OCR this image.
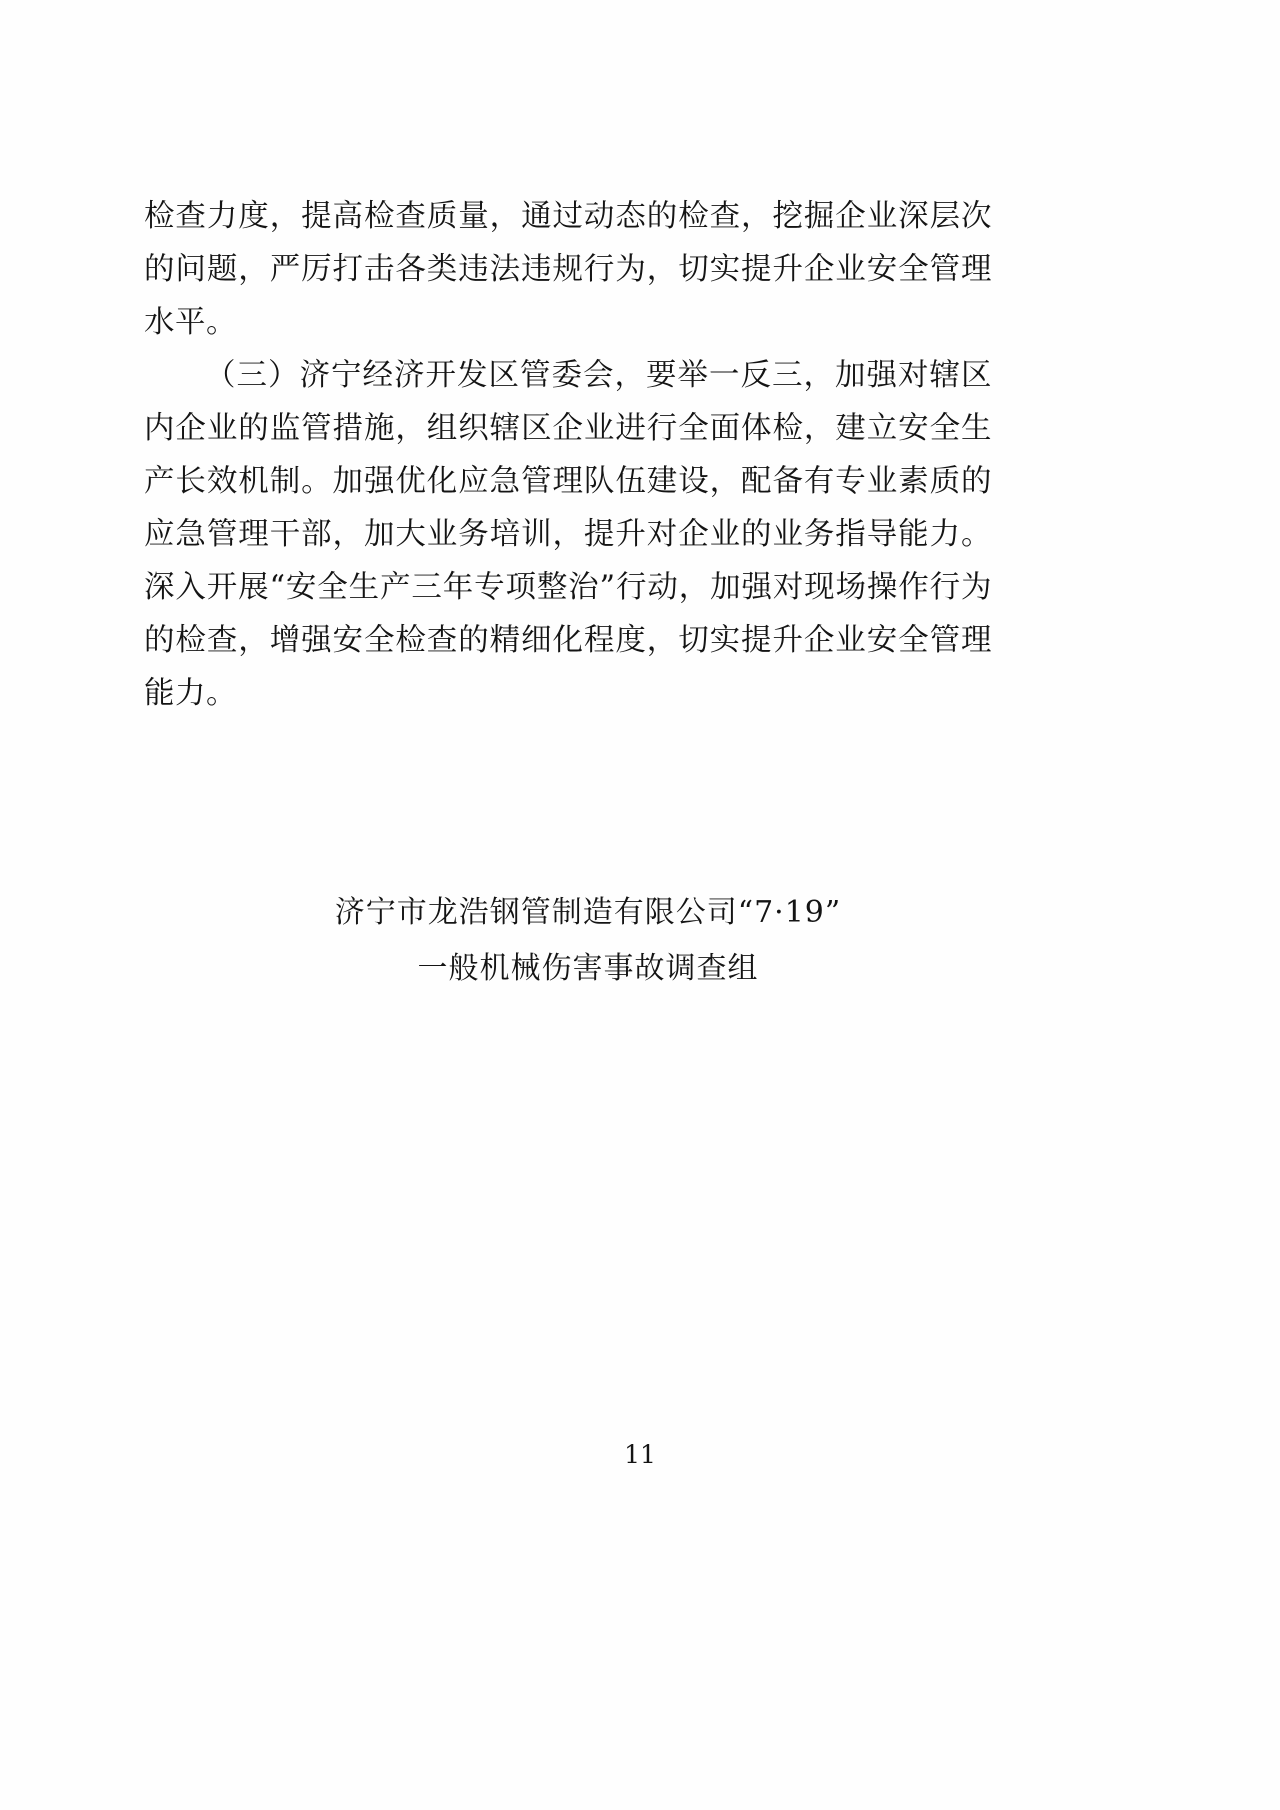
检查力度，提高检查质量，通过动态的检查，挖掘企业深层次的问题，严厉打击各类违法违规行为，切实提升企业安全管理水平。

（三）济宁经济开发区管委会，要举一反三，加强对辖区内企业的监管措施，组织辖区企业进行全面体检，建立安全生产长效机制。加强优化应急管理队伍建设，配备有专业素质的应急管理干部，加大业务培训，提升对企业的业务指导能力。深入开展“安全生产三年专项整治”行动，加强对现场操作行为的检查，增强安全检查的精细化程度，切实提升企业安全管理能力。

济宁市龙浩钢管制造有限公司“7·19”
一般机械伤害事故调查组
11
